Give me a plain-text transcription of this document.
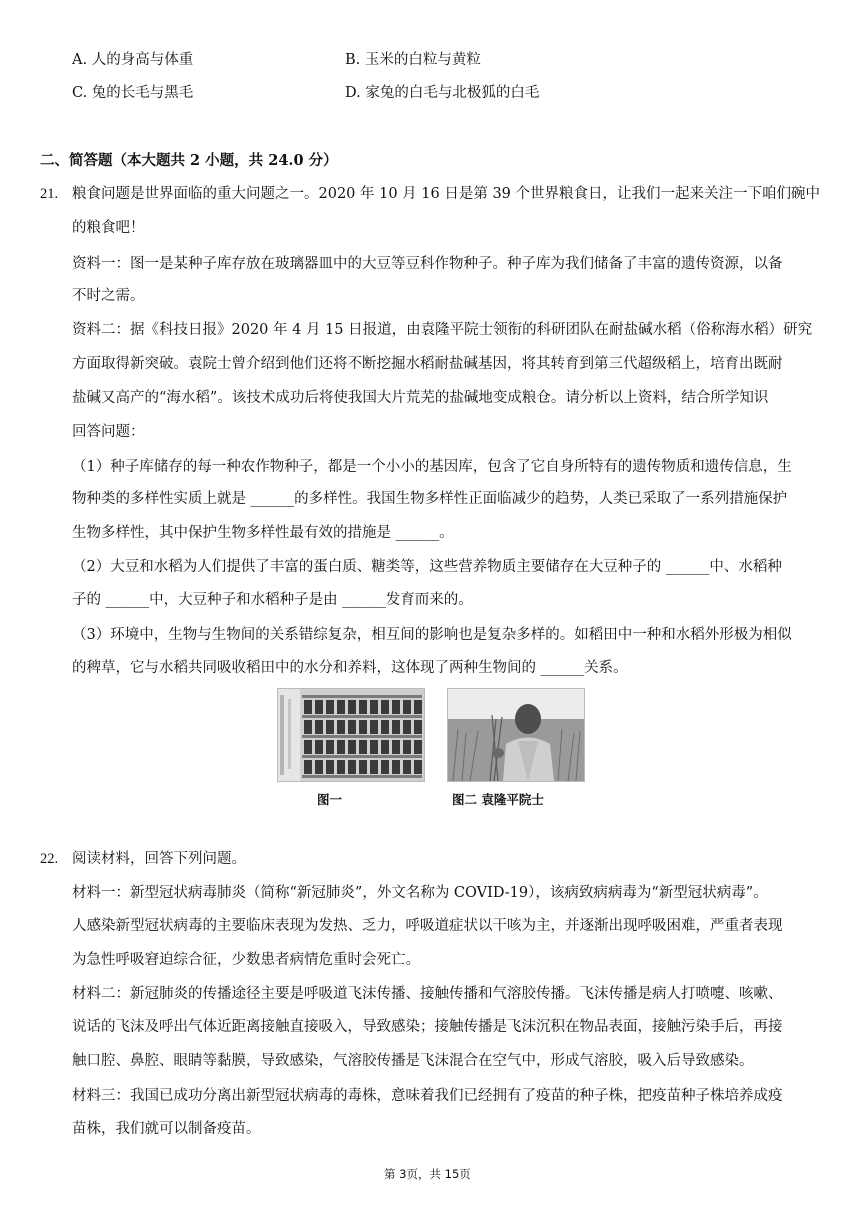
A. 人的身高与体重	B. 玉米的白粒与黄粒
C. 兔的长毛与黑毛	D. 家兔的白毛与北极狐的白毛
二、简答题（本大题共 2 小题，共 24.0 分）
21. 粮食问题是世界面临的重大问题之一。2020 年 10 月 16 日是第 39 个世界粮食日，让我们一起来关注一下咱们碗中
的粮食吧！
资料一：图一是某种子库存放在玻璃器皿中的大豆等豆科作物种子。种子库为我们储备了丰富的遗传资源，以备
不时之需。
资料二：据《科技日报》2020 年 4 月 15 日报道，由袁隆平院士领衔的科研团队在耐盐碱水稻（俗称海水稻）研究
方面取得新突破。袁院士曾介绍到他们还将不断挖掘水稻耐盐碱基因，将其转育到第三代超级稻上，培育出既耐
盐碱又高产的“海水稻”。该技术成功后将使我国大片荒芜的盐碱地变成粮仓。请分析以上资料，结合所学知识
回答问题：
（1）种子库储存的每一种农作物种子，都是一个小小的基因库，包含了它自身所特有的遗传物质和遗传信息，生
物种类的多样性实质上就是 ______的多样性。我国生物多样性正面临减少的趋势，人类已采取了一系列措施保护
生物多样性，其中保护生物多样性最有效的措施是 ______。
（2）大豆和水稻为人们提供了丰富的蛋白质、糖类等，这些营养物质主要储存在大豆种子的 ______中、水稻种
子的 ______中，大豆种子和水稻种子是由 ______发育而来的。
（3）环境中，生物与生物间的关系错综复杂，相互间的影响也是复杂多样的。如稻田中一种和水稻外形极为相似
的稗草，它与水稻共同吸收稻田中的水分和养料，这体现了两种生物间的 ______关系。
图一	图二 袁隆平院士
22. 阅读材料，回答下列问题。
材料一：新型冠状病毒肺炎（简称“新冠肺炎”，外文名称为 COVID-19），该病致病病毒为“新型冠状病毒”。
人感染新型冠状病毒的主要临床表现为发热、乏力，呼吸道症状以干咳为主，并逐渐出现呼吸困难，严重者表现
为急性呼吸窘迫综合征，少数患者病情危重时会死亡。
材料二：新冠肺炎的传播途径主要是呼吸道飞沫传播、接触传播和气溶胶传播。飞沫传播是病人打喷嚏、咳嗽、
说话的飞沫及呼出气体近距离接触直接吸入，导致感染；接触传播是飞沫沉积在物品表面，接触污染手后，再接
触口腔、鼻腔、眼睛等黏膜，导致感染，气溶胶传播是飞沫混合在空气中，形成气溶胶，吸入后导致感染。
材料三：我国已成功分离出新型冠状病毒的毒株，意味着我们已经拥有了疫苗的种子株，把疫苗种子株培养成疫
苗株，我们就可以制备疫苗。
第 3页，共 15页
